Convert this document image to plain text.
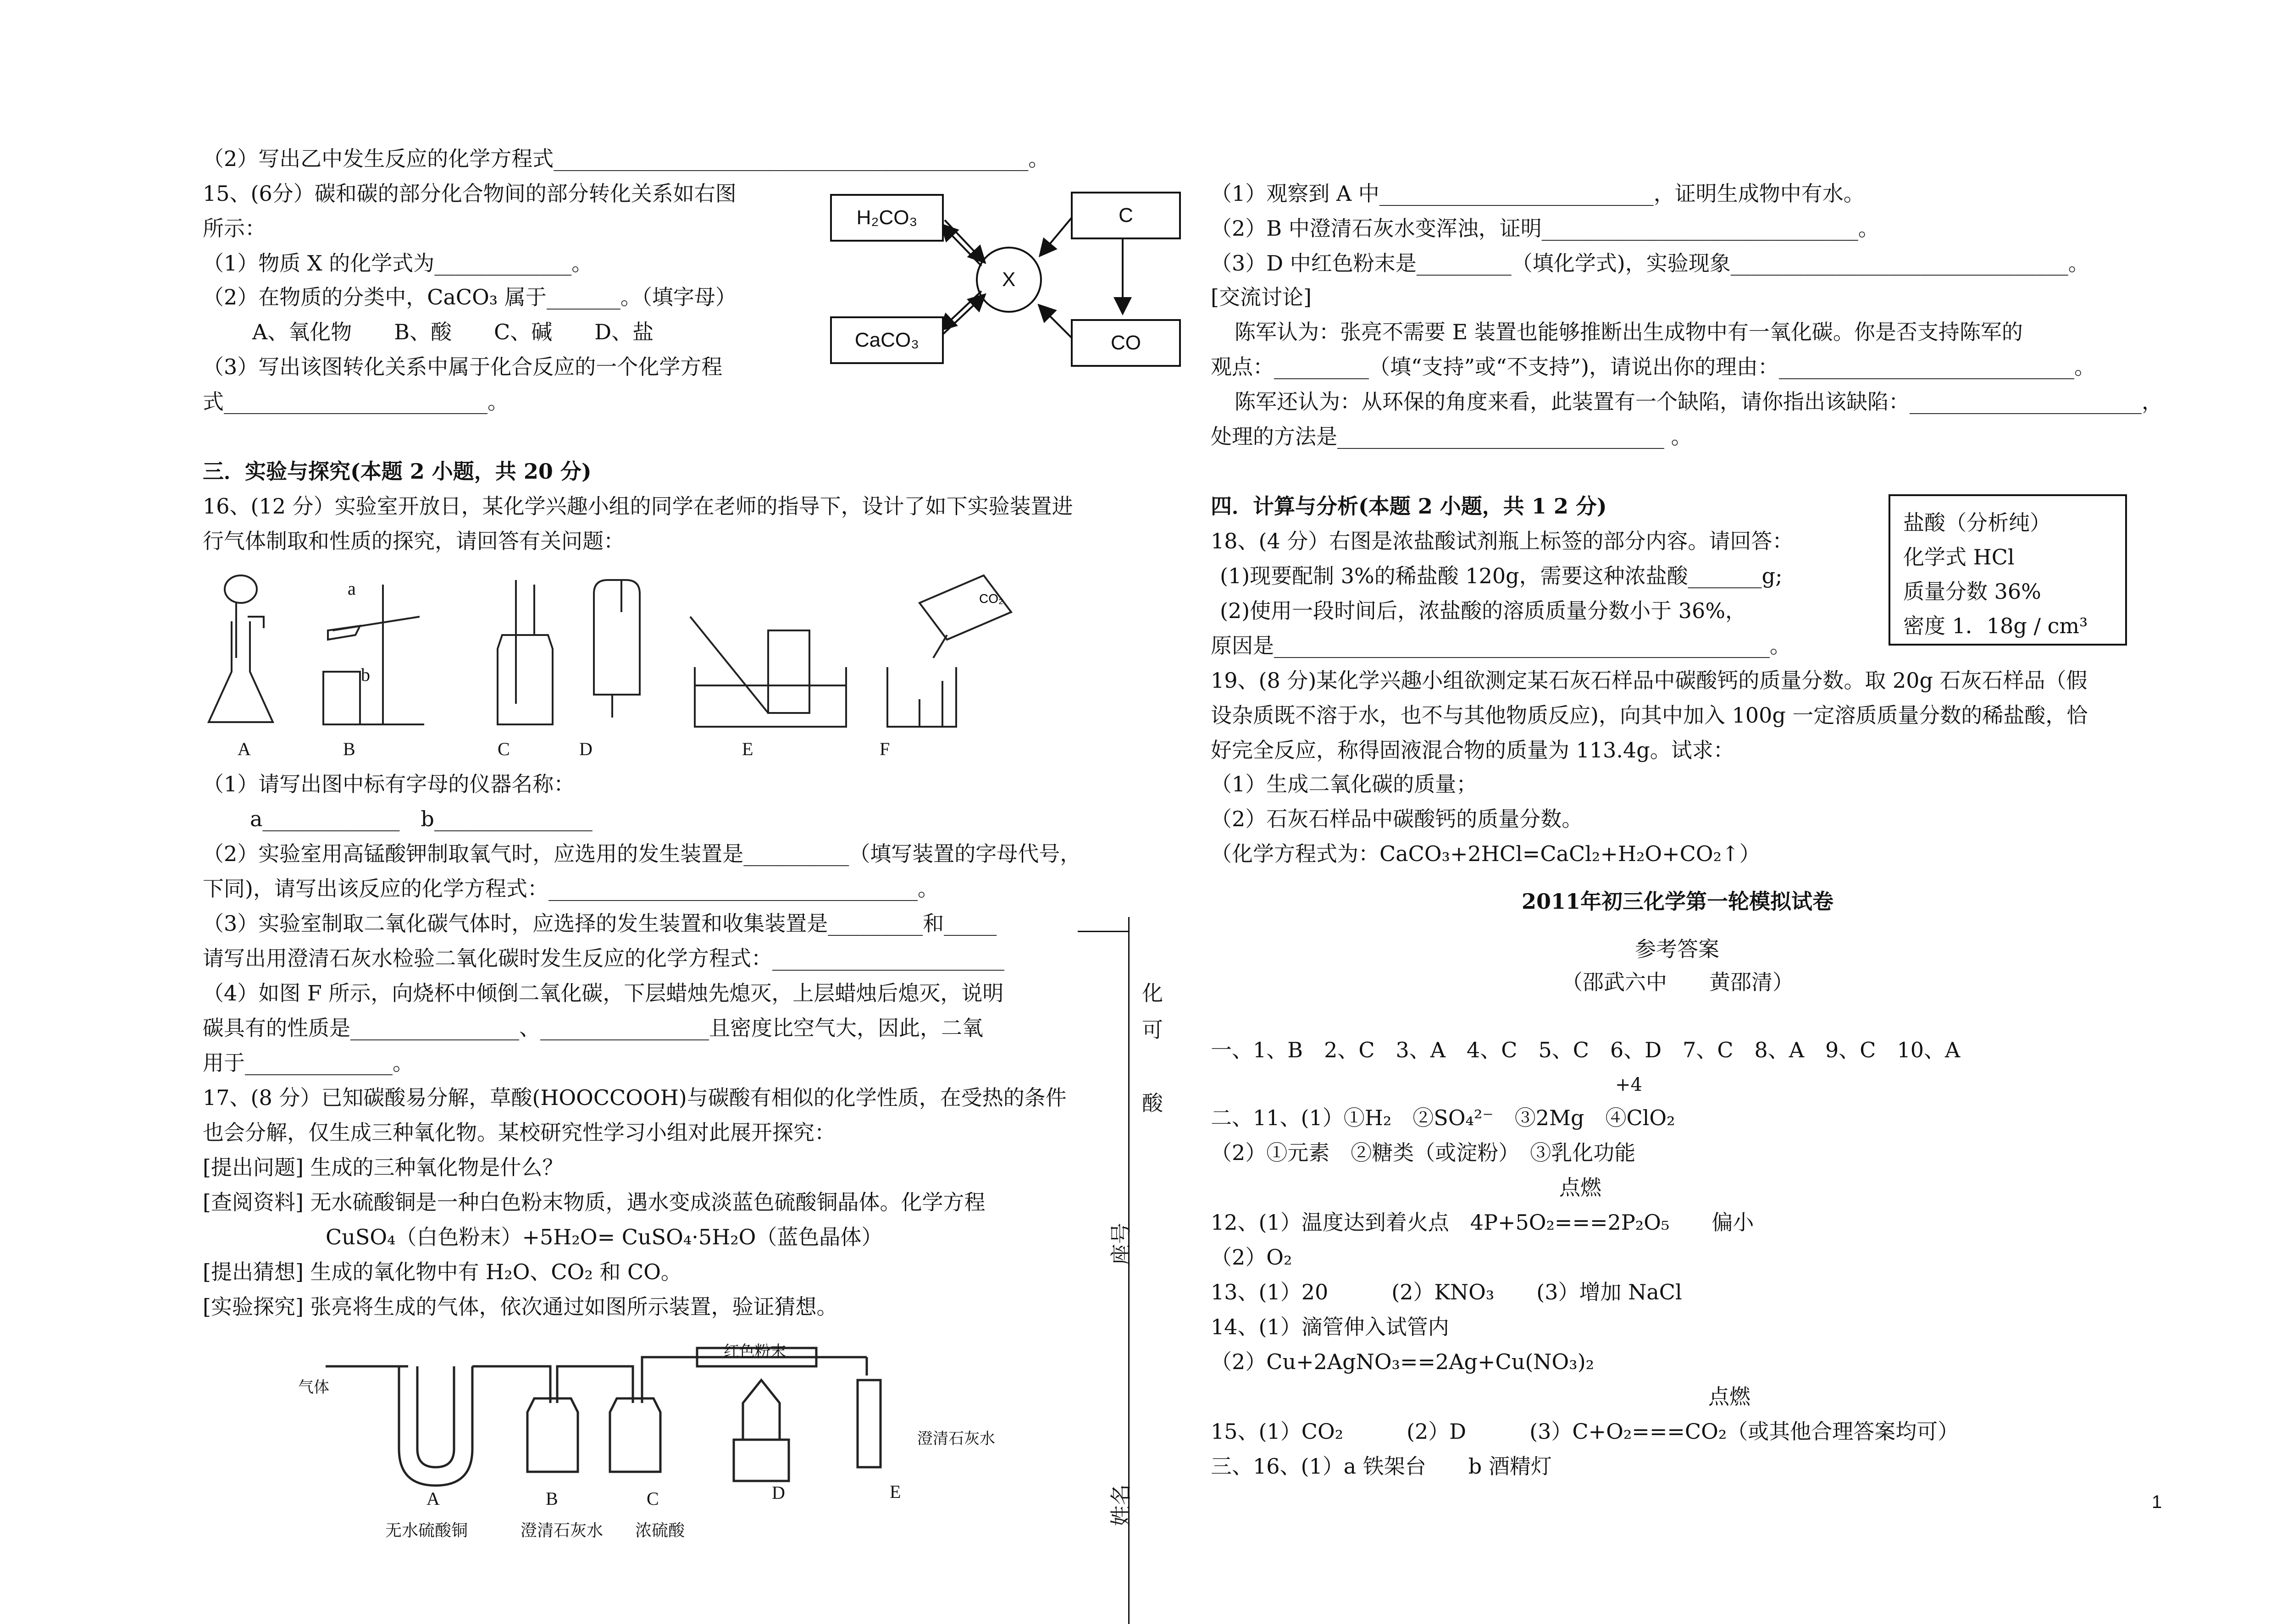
（2）写出乙中发生反应的化学方程式_____________________________________________。
15、(6分）碳和碳的部分化合物间的部分转化关系如右图
所示：
（1）物质 X 的化学式为_____________。
（2）在物质的分类中，CaCO₃ 属于_______。（填字母）
A、氧化物　　B、酸　　C、碱　　D、盐
（3）写出该图转化关系中属于化合反应的一个化学方程
式_________________________。
三．实验与探究(本题 2 小题，共 20 分)
16、(12 分）实验室开放日，某化学兴趣小组的同学在老师的指导下，设计了如下实验装置进
行气体制取和性质的探究，请回答有关问题：
H₂CO₃	C
X
CaCO₃	CO
CO₂
a
b
A	B	C	D	E	F
（1）请写出图中标有字母的仪器名称：
a_____________　b_______________
（2）实验室用高锰酸钾制取氧气时，应选用的发生装置是__________（填写装置的字母代号，
下同)，请写出该反应的化学方程式：___________________________________。
（3）实验室制取二氧化碳气体时，应选择的发生装置和收集装置是_________和_____
请写出用澄清石灰水检验二氧化碳时发生反应的化学方程式：______________________
（4）如图 F 所示，向烧杯中倾倒二氧化碳，下层蜡烛先熄灭，上层蜡烛后熄灭，说明
碳具有的性质是________________、________________且密度比空气大，因此，二氧
用于______________。
17、(8 分）已知碳酸易分解，草酸(HOOCCOOH)与碳酸有相似的化学性质，在受热的条件
也会分解，仅生成三种氧化物。某校研究性学习小组对此展开探究：
[提出问题] 生成的三种氧化物是什么？
[查阅资料] 无水硫酸铜是一种白色粉末物质，遇水变成淡蓝色硫酸铜晶体。化学方程
CuSO₄（白色粉末）+5H₂O= CuSO₄·5H₂O（蓝色晶体）
[提出猜想] 生成的氧化物中有 H₂O、CO₂ 和 CO。
[实验探究] 张亮将生成的气体，依次通过如图所示装置，验证猜想。
气体
红色粉末
澄清石灰水
A	B	C	D	E
无水硫酸铜	澄清石灰水 浓硫酸
化
可
酸
座号
姓名
（1）观察到 A 中__________________________，证明生成物中有水。
（2）B 中澄清石灰水变浑浊，证明______________________________。
（3）D 中红色粉末是_________（填化学式)，实验现象________________________________。
[交流讨论]
陈军认为：张亮不需要 E 装置也能够推断出生成物中有一氧化碳。你是否支持陈军的
观点：_________（填“支持”或“不支持”)，请说出你的理由：____________________________。
陈军还认为：从环保的角度来看，此装置有一个缺陷，请你指出该缺陷：______________________，
处理的方法是_______________________________ 。
四．计算与分析(本题 2 小题，共 1 2 分)
18、(4 分）右图是浓盐酸试剂瓶上标签的部分内容。请回答：
(1)现要配制 3%的稀盐酸 120g，需要这种浓盐酸_______g;
(2)使用一段时间后，浓盐酸的溶质质量分数小于 36%，
原因是_______________________________________________。
盐酸（分析纯）
化学式 HCl
质量分数 36%
密度 1．18g / cm³
19、(8 分)某化学兴趣小组欲测定某石灰石样品中碳酸钙的质量分数。取 20g 石灰石样品（假
设杂质既不溶于水，也不与其他物质反应)，向其中加入 100g 一定溶质质量分数的稀盐酸，恰
好完全反应，称得固液混合物的质量为 113.4g。试求：
（1）生成二氧化碳的质量；
（2）石灰石样品中碳酸钙的质量分数。
（化学方程式为：CaCO₃+2HCl=CaCl₂+H₂O+CO₂↑）
2011年初三化学第一轮模拟试卷
参考答案
（邵武六中　　黄邵清）
一、1、B　2、C　3、A　4、C　5、C　6、D　7、C　8、A　9、C　10、A
+4
二、11、(1）①H₂　②SO₄²⁻　③2Mg　④ClO₂
（2）①元素　②糖类（或淀粉）　③乳化功能
点燃
12、(1）温度达到着火点　4P+5O₂===2P₂O₅　　偏小
（2）O₂
13、(1）20　　　(2）KNO₃　　(3）增加 NaCl
14、(1）滴管伸入试管内
（2）Cu+2AgNO₃==2Ag+Cu(NO₃)₂
点燃
15、(1）CO₂　　　(2）D　　　(3）C+O₂===CO₂（或其他合理答案均可）
三、16、(1）a 铁架台　　b 酒精灯
1
